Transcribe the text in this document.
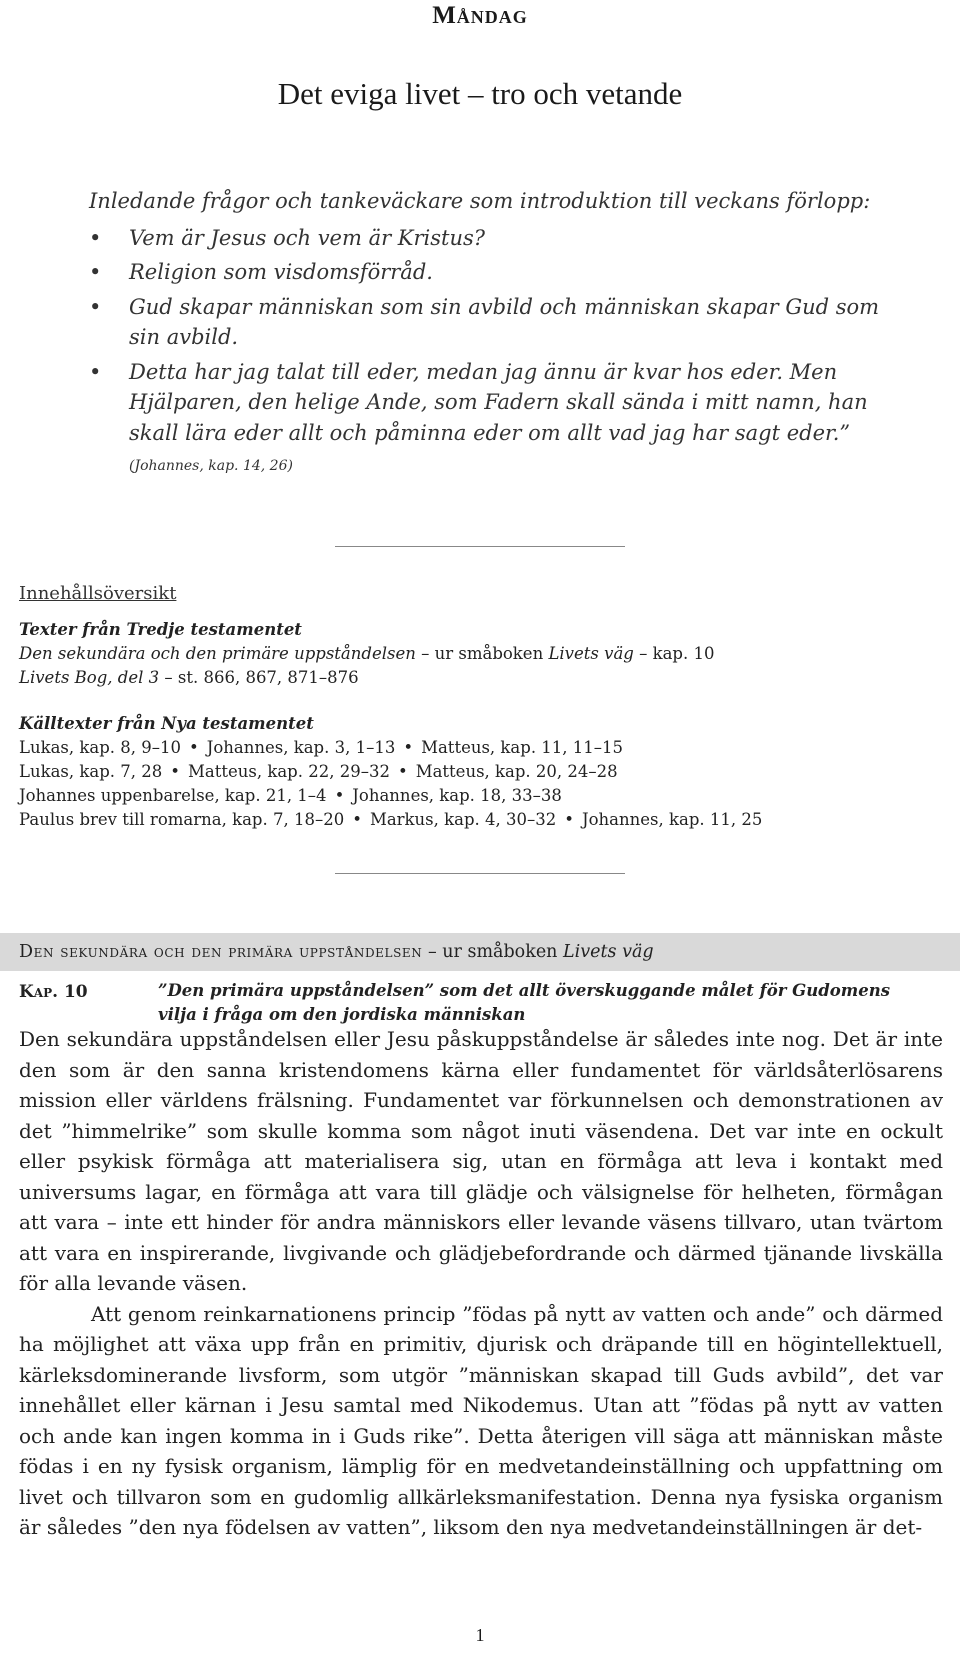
Måndag
Det eviga livet – tro och vetande

Inledande frågor och tankeväckare som introduktion till veckans förlopp:

• Vem är Jesus och vem är Kristus?
• Religion som visdomsförråd.
• Gud skapar människan som sin avbild och människan skapar Gud som sin avbild.
• Detta har jag talat till eder, medan jag ännu är kvar hos eder. Men Hjälparen, den helige Ande, som Fadern skall sända i mitt namn, han skall lära eder allt och påminna eder om allt vad jag har sagt eder.” (Johannes, kap. 14, 26)
Innehållsöversikt
Texter från Tredje testamentet
Den sekundära och den primäre uppståndelsen – ur småboken Livets väg – kap. 10
Livets Bog, del 3 – st. 866, 867, 871–876
Källtexter från Nya testamentet
Lukas, kap. 8, 9–10 • Johannes, kap. 3, 1–13 • Matteus, kap. 11, 11–15
Lukas, kap. 7, 28 • Matteus, kap. 22, 29–32 • Matteus, kap. 20, 24–28
Johannes uppenbarelse, kap. 21, 1–4 • Johannes, kap. 18, 33–38
Paulus brev till romarna, kap. 7, 18–20 • Markus, kap. 4, 30–32 • Johannes, kap. 11, 25
Den sekundära och den primära uppståndelsen – ur småboken Livets väg
Kap. 10	”Den primära uppståndelsen” som det allt överskuggande målet för Gudomens vilja i fråga om den jordiska människan

Den sekundära uppståndelsen eller Jesu påskuppståndelse är således inte nog. Det är inte den som är den sanna kristendomens kärna eller fundamentet för världsåterlösarens mission eller världens frälsning. Fundamentet var förkunnelsen och demonstrationen av det ”himmelrike” som skulle komma som något inuti väsendena. Det var inte en ockult eller psykisk förmåga att materialisera sig, utan en förmåga att leva i kontakt med universums lagar, en förmåga att vara till glädje och välsignelse för helheten, förmågan att vara – inte ett hinder för andra människors eller levande väsens tillvaro, utan tvärtom att vara en inspirerande, livgivande och glädjebefordrande och därmed tjänande livskälla för alla levande väsen.

Att genom reinkarnationens princip ”födas på nytt av vatten och ande” och därmed ha möjlighet att växa upp från en primitiv, djurisk och dräpande till en högintellektuell, kärleksdominerande livsform, som utgör ”människan skapad till Guds avbild”, det var innehållet eller kärnan i Jesu samtal med Nikodemus. Utan att ”födas på nytt av vatten och ande kan ingen komma in i Guds rike”. Detta återigen vill säga att människan måste födas i en ny fysisk organism, lämplig för en medvetandeinställning och uppfattning om livet och tillvaron som en gudomlig allkärleksmanifestation. Denna nya fysiska organism är således ”den nya födelsen av vatten”, liksom den nya medvetandeinställningen är det-

1
